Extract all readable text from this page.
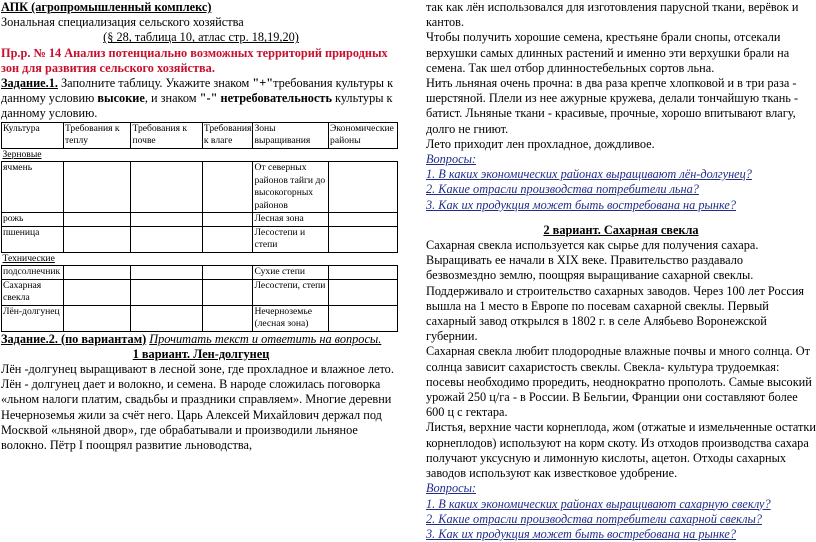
АПК (агропромышленный комплекс)

Зональная специализация сельского хозяйства

(§ 28, таблица 10, атлас стр. 18,19,20)

Пр.р. № 14 Анализ потенциально возможных территорий природных зон для развития сельского хозяйства.

Задание.1. Заполните таблицу. Укажите знаком "+"требования культуры к данному условию высокие, и знаком "-" нетребовательность культуры к данному условию.

Культура	Требования к теплу	Требования к почве	Требования к влаге	Зоны выращивания	Экономические районы
Зерновые					
ячмень				От северных районов тайги до высокогорных районов	
рожь				Лесная зона	
пшеница				Лесостепи и степи	
Технические					
подсолнечник				Сухие степи	
Сахарная свекла				Лесостепи, степи	
Лён-долгунец				Нечерноземье (лесная зона)	

Задание.2. (по вариантам) Прочитать текст и ответить на вопросы.

1 вариант. Лен-долгунец

Лён -долгунец выращивают в лесной зоне, где прохладное и влажное лето. Лён - долгунец дает и волокно, и семена. В народе сложилась поговорка «льном налоги платим, свадьбы и праздники справляем». Многие деревни Нечерноземья жили за счёт него. Царь Алексей Михайлович держал под Москвой «льняной двор», где обрабатывали и производили льняное волокно. Пётр I поощрял развитие льноводства,

так как лён использовался для изготовления парусной ткани, верёвок и кантов.

Чтобы получить хорошие семена, крестьяне брали снопы, отсекали верхушки самых длинных растений и именно эти верхушки брали на семена. Так шел отбор длинностебельных сортов льна.

Нить льняная очень прочна: в два раза крепче хлопковой и в три раза - шерстяной. Плели из нее ажурные кружева, делали тончайшую ткань - батист. Льняные ткани - красивые, прочные, хорошо впитывают влагу, долго не гниют.

Лето приходит лен прохладное, дождливое.

Вопросы:

1. В каких экономических районах выращивают лён-долгунец?

2. Какие отрасли производства потребители льна?

3. Как их продукция может быть востребована на рынке?

2 вариант. Сахарная свекла

Сахарная свекла используется как сырье для получения сахара. Выращивать ее начали в XIX веке. Правительство раздавало безвозмездно землю, поощряя выращивание сахарной свеклы. Поддерживало и строительство сахарных заводов. Через 100 лет Россия вышла на 1 место в Европе по посевам сахарной свеклы. Первый сахарный завод открылся в 1802 г. в селе Алябьево Воронежской губернии.

Сахарная свекла любит плодородные влажные почвы и много солнца. От солнца зависит сахаристость свеклы. Свекла- культура трудоемкая: посевы необходимо проредить, неоднократно прополоть. Самые высокий урожай 250 ц/га - в России. В Бельгии, Франции они составляют более 600 ц с гектара.

Листья, верхние части корнеплода, жом (отжатые и измельченные остатки корнеплодов) используют на корм скоту. Из отходов производства сахара получают уксусную и лимонную кислоты, ацетон. Отходы сахарных заводов используют как известковое удобрение.

Вопросы:

1. В каких экономических районах выращивают сахарную свеклу?

2. Какие отрасли производства потребители сахарной свеклы?

3. Как их продукция может быть востребована на рынке?
